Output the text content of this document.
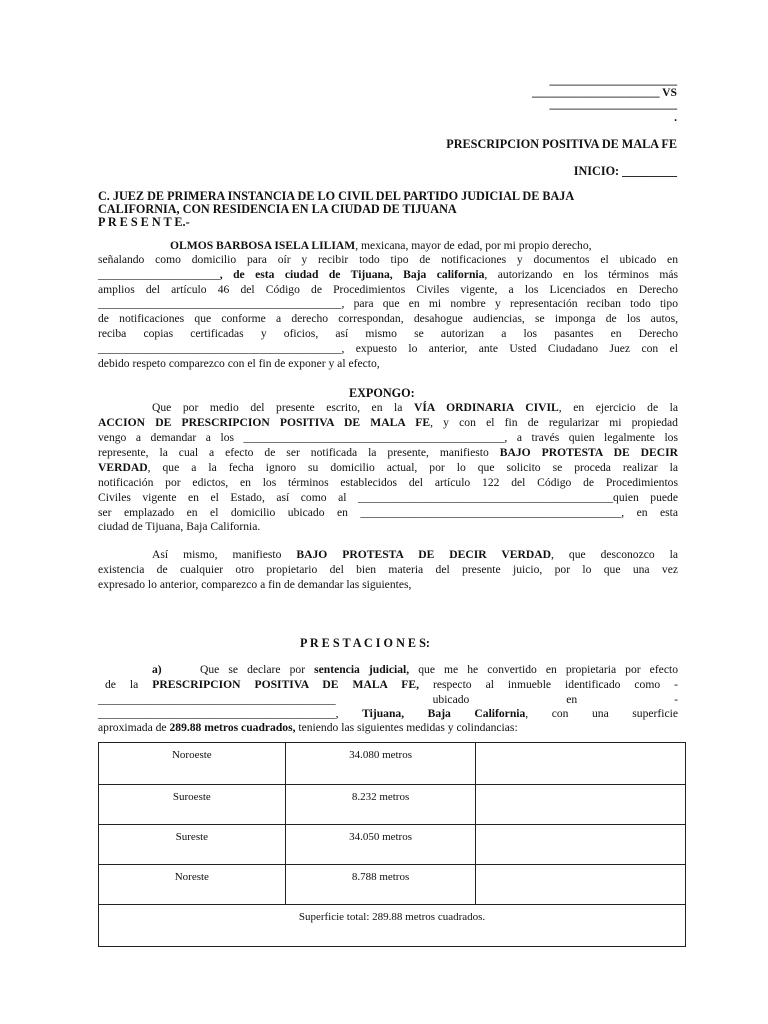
______________________
______________________ VS
______________________
.
PRESCRIPCION POSITIVA DE MALA FE
INICIO: _________
C. JUEZ DE PRIMERA INSTANCIA DE LO CIVIL DEL PARTIDO JUDICIAL DE BAJA
CALIFORNIA, CON RESIDENCIA EN LA CIUDAD DE TIJUANA
P R E S E N T E.-
OLMOS BARBOSA ISELA LILIAM, mexicana, mayor de edad, por mi propio derecho,
señalando como domicilio para oír y recibir todo tipo de notificaciones y documentos el ubicado en
_____________________, de esta ciudad de Tijuana, Baja california, autorizando en los términos más
amplios del artículo 46 del Código de Procedimientos Civiles vigente, a los Licenciados en Derecho
__________________________________________, para que en mi nombre y representación reciban todo tipo
de notificaciones que conforme a derecho correspondan, desahogue audiencias, se imponga de los autos,
reciba copias certificadas y oficios, así mismo se autorizan a los pasantes en Derecho
__________________________________________, expuesto lo anterior, ante Usted Ciudadano Juez con el
debido respeto comparezco con el fin de exponer y al efecto,
EXPONGO:
Que por medio del presente escrito, en la VÍA ORDINARIA CIVIL, en ejercicio de la
ACCION DE PRESCRIPCION POSITIVA DE MALA FE, y con el fin de regularizar mi propiedad
vengo a demandar a los _____________________________________________, a través quien legalmente los
represente, la cual a efecto de ser notificada la presente, manifiesto BAJO PROTESTA DE DECIR
VERDAD, que a la fecha ignoro su domicilio actual, por lo que solicito se proceda realizar la
notificación por edictos, en los términos establecidos del artículo 122 del Código de Procedimientos
Civiles vigente en el Estado, así como al ____________________________________________quien puede
ser emplazado en el domicilio ubicado en _____________________________________________, en esta
ciudad de Tijuana, Baja California.
Así mismo, manifiesto BAJO PROTESTA DE DECIR VERDAD, que desconozco la
existencia de cualquier otro propietario del bien materia del presente juicio, por lo que una vez
expresado lo anterior, comparezco a fin de demandar las siguientes,
P R E S T A C I O N E S:
a)	Que se declare por sentencia judicial, que me he convertido en propietaria por efecto
de la PRESCRIPCION POSITIVA DE MALA FE, respecto al inmueble identificado como -
_________________________________________ ubicado en -
_________________________________________, Tijuana, Baja California, con una superficie
aproximada de 289.88 metros cuadrados, teniendo las siguientes medidas y colindancias:
Noroeste	34.080 metros	
Suroeste	8.232 metros	
Sureste	34.050 metros	
Noreste	8.788 metros	
Superficie total: 289.88 metros cuadrados.		
